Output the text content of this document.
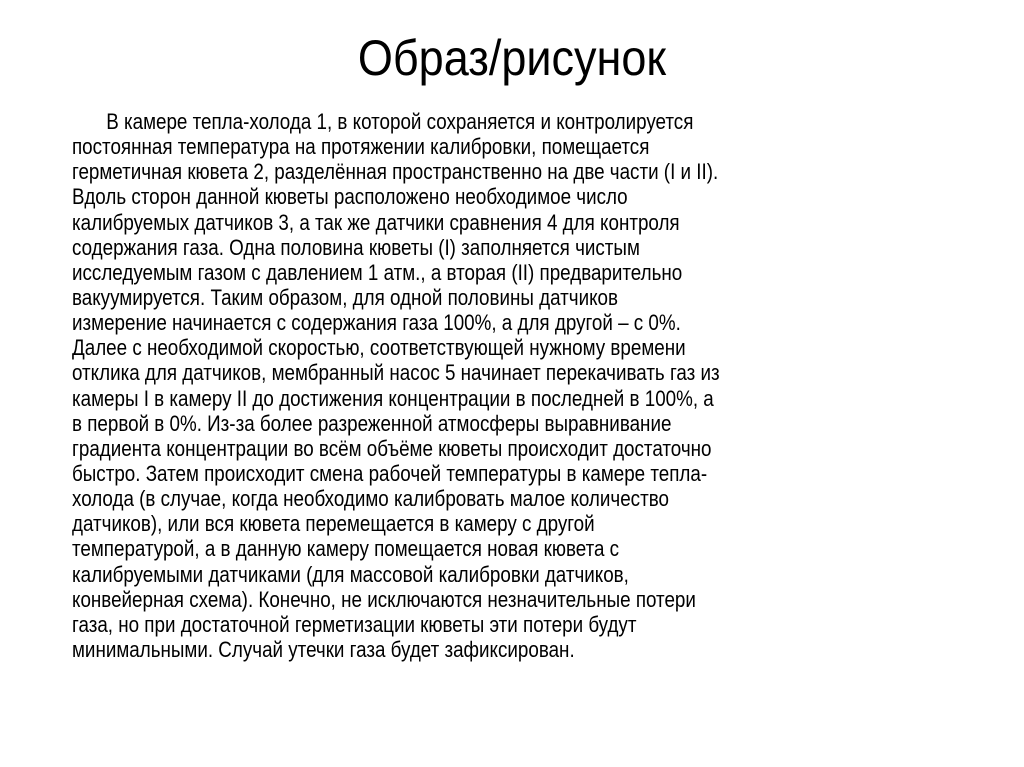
Образ/рисунок
В камере тепла-холода 1, в которой сохраняется и контролируется
постоянная температура на протяжении калибровки, помещается
герметичная кювета 2, разделённая пространственно на две части (I и II).
Вдоль сторон данной кюветы расположено необходимое число
калибруемых датчиков 3, а так же датчики сравнения 4 для контроля
содержания газа. Одна половина кюветы (I) заполняется чистым
исследуемым газом с давлением 1 атм., а вторая (II) предварительно
вакуумируется. Таким образом, для одной половины датчиков
измерение начинается с содержания газа 100%, а для другой – с 0%.
Далее с необходимой скоростью, соответствующей нужному времени
отклика для датчиков, мембранный насос 5 начинает перекачивать газ из
камеры I в камеру II до достижения концентрации в последней в 100%, а
в первой в 0%. Из-за более разреженной атмосферы выравнивание
градиента концентрации во всём объёме кюветы происходит достаточно
быстро. Затем происходит смена рабочей температуры в камере тепла-
холода (в случае, когда необходимо калибровать малое количество
датчиков), или вся кювета перемещается в камеру с другой
температурой, а в данную камеру помещается новая кювета с
калибруемыми датчиками (для массовой калибровки датчиков,
конвейерная схема). Конечно, не исключаются незначительные потери
газа, но при достаточной герметизации кюветы эти потери будут
минимальными. Случай утечки газа будет зафиксирован.
